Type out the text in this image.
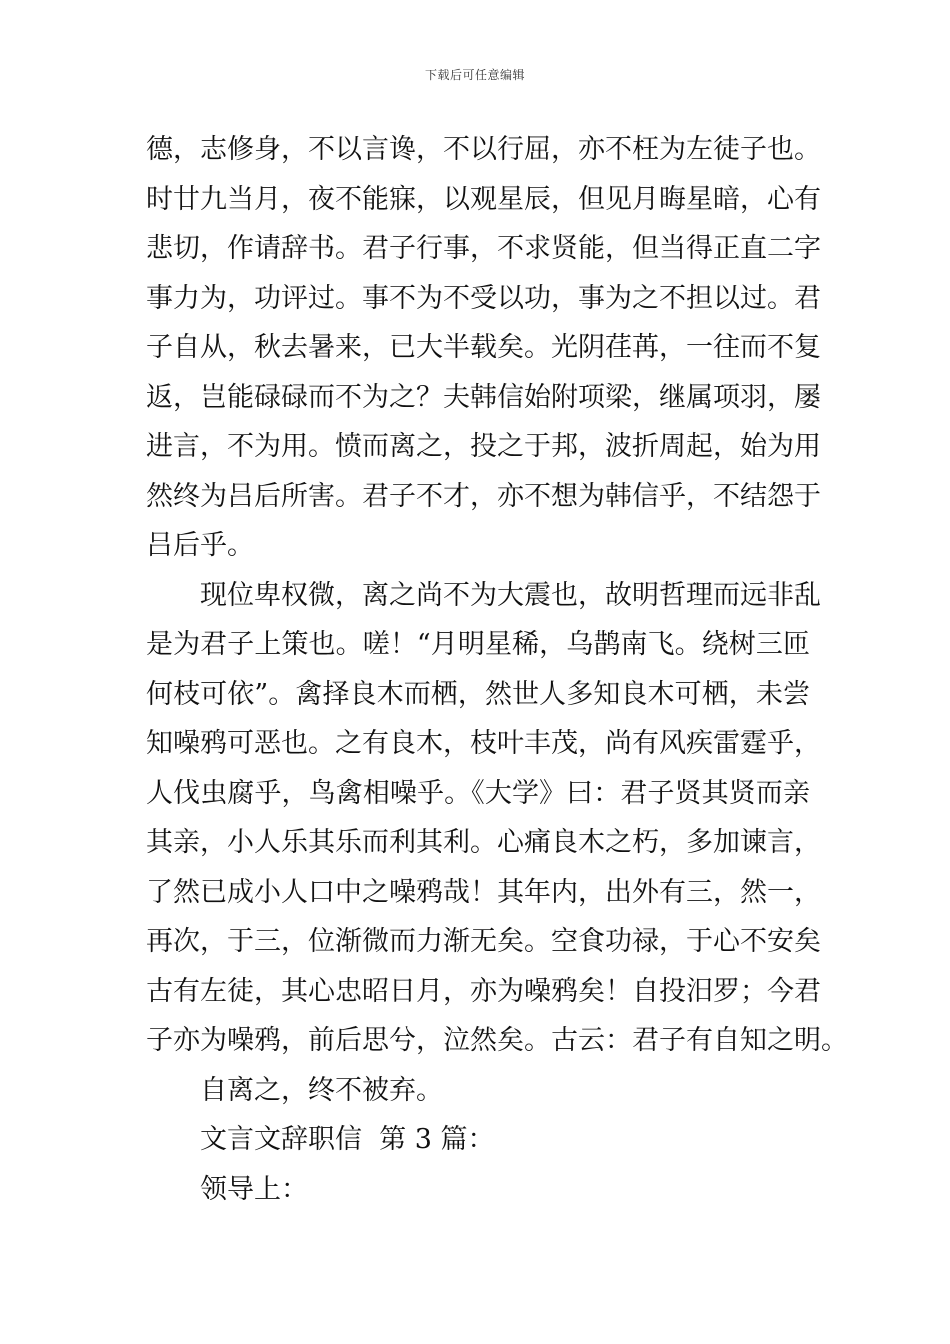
下载后可任意编辑
德，志修身，不以言谗，不以行屈，亦不枉为左徒子也。
时廿九当月，夜不能寐，以观星辰，但见月晦星暗，心有
悲切，作请辞书。君子行事，不求贤能，但当得正直二字
事力为，功评过。事不为不受以功，事为之不担以过。君
子自从，秋去暑来，已大半载矣。光阴荏苒，一往而不复
返，岂能碌碌而不为之？夫韩信始附项梁，继属项羽，屡
进言，不为用。愤而离之，投之于邦，波折周起，始为用
然终为吕后所害。君子不才，亦不想为韩信乎，不结怨于
吕后乎。
现位卑权微，离之尚不为大震也，故明哲理而远非乱
是为君子上策也。嗟！“月明星稀，乌鹊南飞。绕树三匝
何枝可依”。禽择良木而栖，然世人多知良木可栖，未尝
知噪鸦可恶也。之有良木，枝叶丰茂，尚有风疾雷霆乎，
人伐虫腐乎，鸟禽相噪乎。《大学》曰：君子贤其贤而亲
其亲，小人乐其乐而利其利。心痛良木之朽，多加谏言，
了然已成小人口中之噪鸦哉！其年内，出外有三，然一，
再次，于三，位渐微而力渐无矣。空食功禄，于心不安矣
古有左徒，其心忠昭日月，亦为噪鸦矣！自投汨罗；今君
子亦为噪鸦，前后思兮，泣然矣。古云：君子有自知之明。
自离之，终不被弃。
文言文辞职信  第 3 篇：
领导上：
